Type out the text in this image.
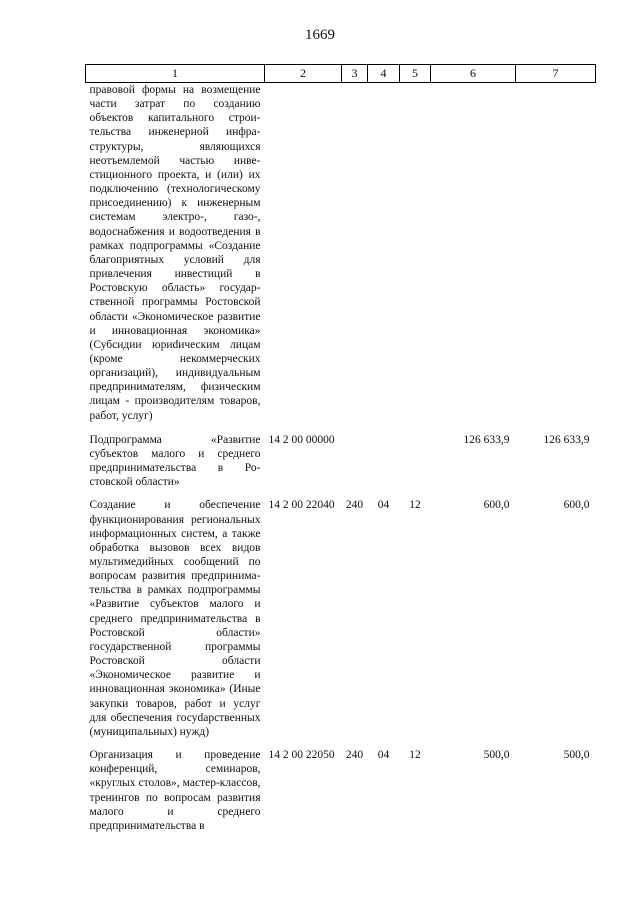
1669
1	2	3	4	5	6	7
правовой формы на возмещение части затрат по созданию объектов капитального строительства инженерной инфраструктуры, являющихся неотъемлемой частью инвестиционного проекта, и (или) их подключению (технологическому присоединению) к инженерным системам электро-, газо-, водоснабжения и водоотведения в рамках подпрограммы «Создание благоприятных условий для привлечения инвестиций в Ростовскую область» государственной программы Ростовской области «Экономическое развитие и инновационная экономика» (Субсидии юриdическим лицам (кроме некоммерческих организаций), индивидуальным предпринимателям, физическим лицам - производителям товаров, работ, услуг)						
Подпрограмма «Развитие субъектов малого и среднего предпринимательства в Ростовской области»	14 2 00 00000				126 633,9	126 633,9
Создание и обеспечение функционирования региональных информационных систем, а также обработка вызовов всех видов мультимедийных сообщений по вопросам развития предпринимательства в рамках подпрограммы «Развитие субъектов малого и среднего предпринимательства в Ростовской области» государственной программы Ростовской области «Экономическое развитие и инновационная экономика» (Иные закупки товаров, работ и услуг для обеспечения госуdарственных (муниципальных) нужд)	14 2 00 22040	240	04	12	600,0	600,0
Организация и проведение конференций, семинаров, «круглых столов», мастер-классов, тренингов по вопросам развития малого и среднего предпринимательства в	14 2 00 22050	240	04	12	500,0	500,0
